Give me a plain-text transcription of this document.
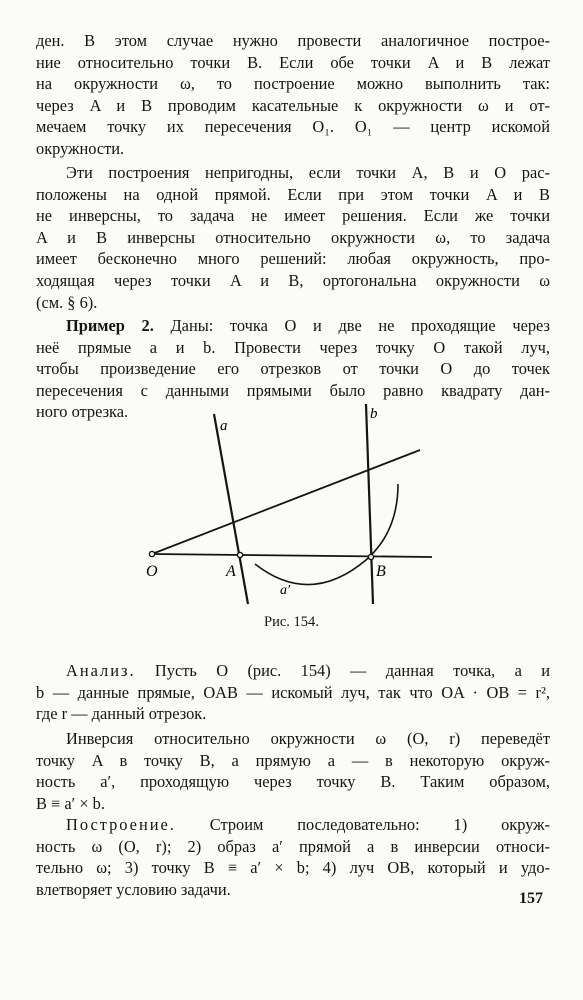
ден. В этом случае нужно провести аналогичное построе-
ние относительно точки B. Если обе точки A и B лежат
на окружности ω, то построение можно выполнить так:
через A и B проводим касательные к окружности ω и от-
мечаем точку их пересечения O₁. O₁ — центр искомой
окружности.
Эти построения непригодны, если точки A, B и O рас-
положены на одной прямой. Если при этом точки A и B
не инверсны, то задача не имеет решения. Если же точки
A и B инверсны относительно окружности ω, то задача
имеет бесконечно много решений: любая окружность, про-
ходящая через точки A и B, ортогональна окружности ω
(см. § 6).
Пример 2. Даны: точка O и две не проходящие через
неё прямые a и b. Провести через точку O такой луч,
чтобы произведение его отрезков от точки O до точек
пересечения с данными прямыми было равно квадрату дан-
ного отрезка.
a
b
O	A	B
a′
Рис. 154.
Анализ. Пусть O (рис. 154) — данная точка, a и
b — данные прямые, OAB — искомый луч, так что OA · OB = r²,
где r — данный отрезок.
Инверсия относительно окружности ω (O, r) переведёт
точку A в точку B, а прямую a — в некоторую окруж-
ность a′, проходящую через точку B. Таким образом,
B ≡ a′ × b.
Построение. Строим последовательно: 1) окруж-
ность ω (O, r); 2) образ a′ прямой a в инверсии относи-
тельно ω; 3) точку B ≡ a′ × b; 4) луч OB, который и удо-
влетворяет условию задачи.	157
